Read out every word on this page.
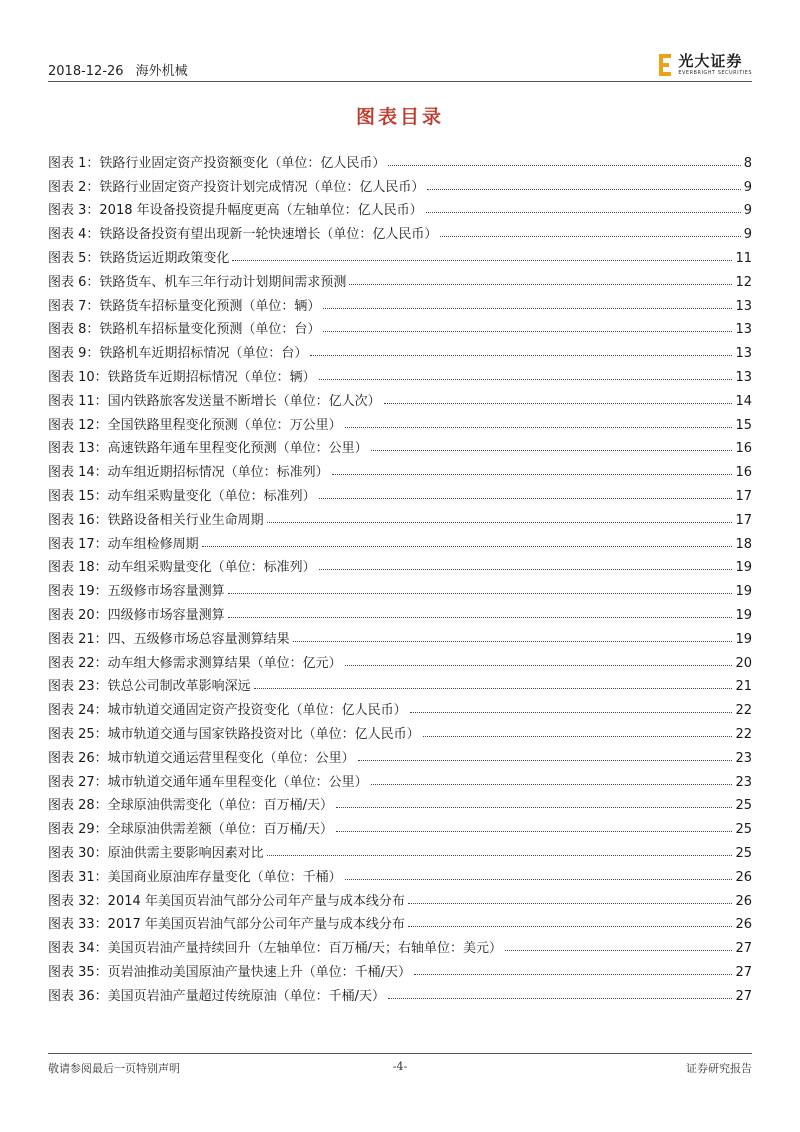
2018-12-26 海外机械
光大证券
EVERBRIGHT SECURITIES
图表目录
图表 1：铁路行业固定资产投资额变化（单位：亿人民币）	8
图表 2：铁路行业固定资产投资计划完成情况（单位：亿人民币）	9
图表 3：2018 年设备投资提升幅度更高（左轴单位：亿人民币）	9
图表 4：铁路设备投资有望出现新一轮快速增长（单位：亿人民币）	9
图表 5：铁路货运近期政策变化	11
图表 6：铁路货车、机车三年行动计划期间需求预测	12
图表 7：铁路货车招标量变化预测（单位：辆）	13
图表 8：铁路机车招标量变化预测（单位：台）	13
图表 9：铁路机车近期招标情况（单位：台）	13
图表 10：铁路货车近期招标情况（单位：辆）	13
图表 11：国内铁路旅客发送量不断增长（单位：亿人次）	14
图表 12：全国铁路里程变化预测（单位：万公里）	15
图表 13：高速铁路年通车里程变化预测（单位：公里）	16
图表 14：动车组近期招标情况（单位：标准列）	16
图表 15：动车组采购量变化（单位：标准列）	17
图表 16：铁路设备相关行业生命周期	17
图表 17：动车组检修周期	18
图表 18：动车组采购量变化（单位：标准列）	19
图表 19：五级修市场容量测算	19
图表 20：四级修市场容量测算	19
图表 21：四、五级修市场总容量测算结果	19
图表 22：动车组大修需求测算结果（单位：亿元）	20
图表 23：铁总公司制改革影响深远	21
图表 24：城市轨道交通固定资产投资变化（单位：亿人民币）	22
图表 25：城市轨道交通与国家铁路投资对比（单位：亿人民币）	22
图表 26：城市轨道交通运营里程变化（单位：公里）	23
图表 27：城市轨道交通年通车里程变化（单位：公里）	23
图表 28：全球原油供需变化（单位：百万桶/天）	25
图表 29：全球原油供需差额（单位：百万桶/天）	25
图表 30：原油供需主要影响因素对比	25
图表 31：美国商业原油库存量变化（单位：千桶）	26
图表 32：2014 年美国页岩油气部分公司年产量与成本线分布	26
图表 33：2017 年美国页岩油气部分公司年产量与成本线分布	26
图表 34：美国页岩油产量持续回升（左轴单位：百万桶/天；右轴单位：美元）	27
图表 35：页岩油推动美国原油产量快速上升（单位：千桶/天）	27
图表 36：美国页岩油产量超过传统原油（单位：千桶/天）	27
敬请参阅最后一页特别声明	-4-	证券研究报告
